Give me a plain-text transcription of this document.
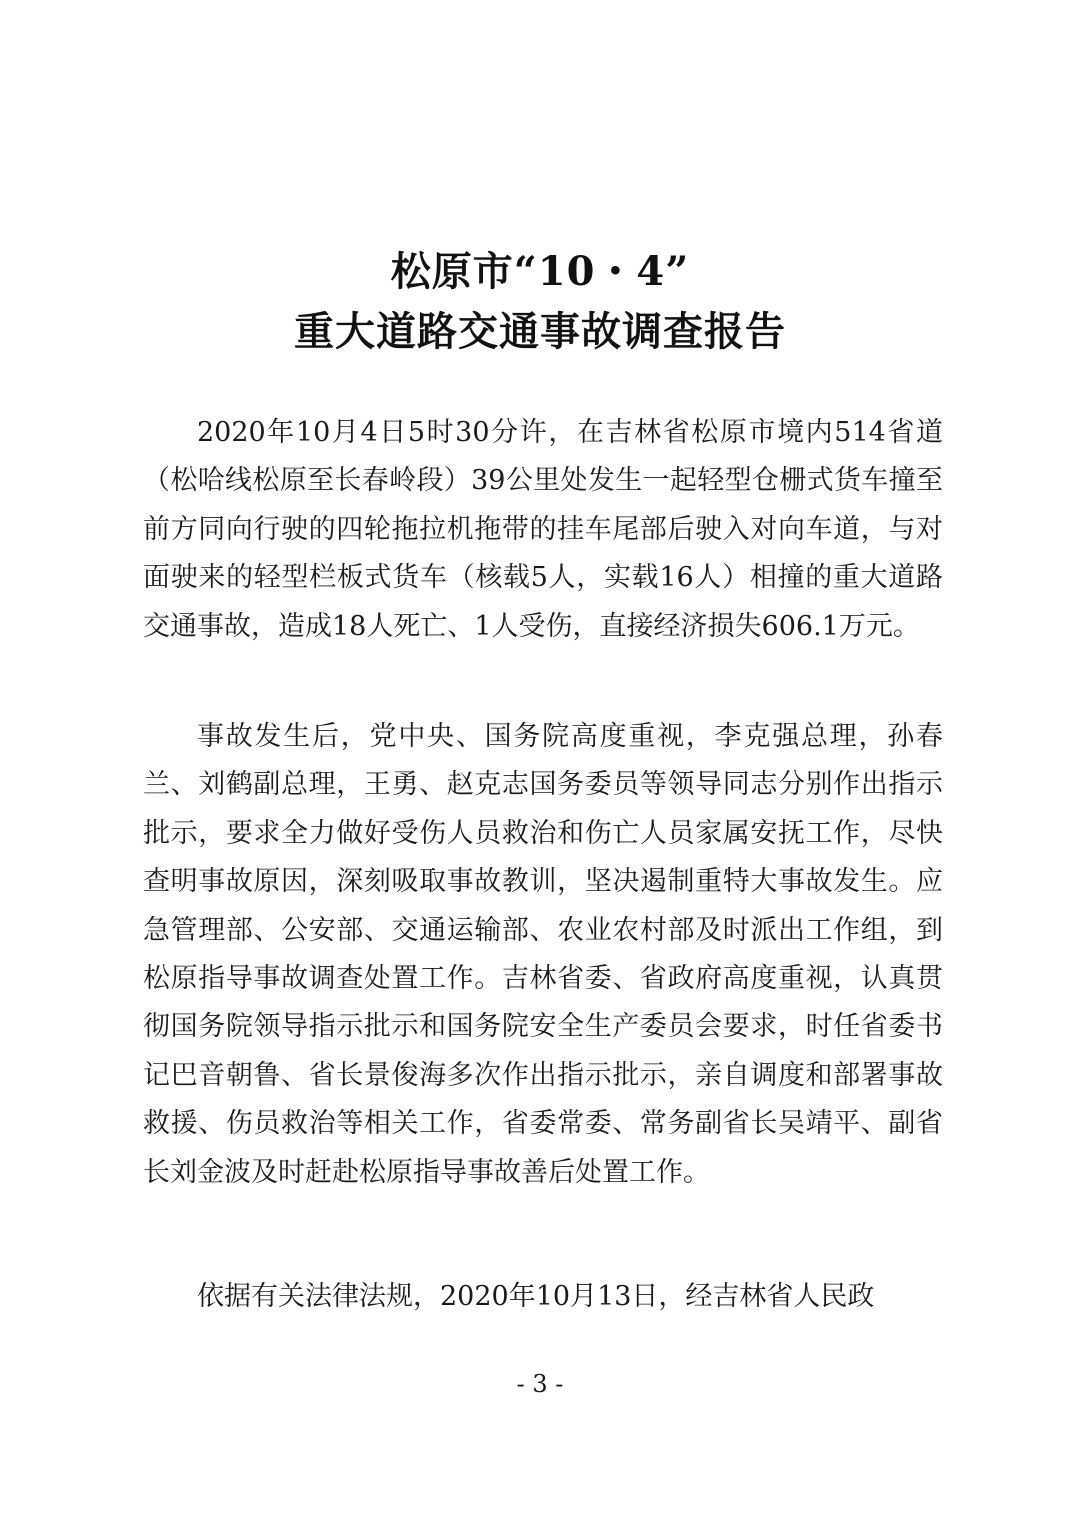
松原市“10・4”
重大道路交通事故调查报告

2020年10月4日5时30分许，在吉林省松原市境内514省道（松哈线松原至长春岭段）39公里处发生一起轻型仓栅式货车撞至前方同向行驶的四轮拖拉机拖带的挂车尾部后驶入对向车道，与对面驶来的轻型栏板式货车（核载5人，实载16人）相撞的重大道路交通事故，造成18人死亡、1人受伤，直接经济损失606.1万元。

事故发生后，党中央、国务院高度重视，李克强总理，孙春兰、刘鹤副总理，王勇、赵克志国务委员等领导同志分别作出指示批示，要求全力做好受伤人员救治和伤亡人员家属安抚工作，尽快查明事故原因，深刻吸取事故教训，坚决遏制重特大事故发生。应急管理部、公安部、交通运输部、农业农村部及时派出工作组，到松原指导事故调查处置工作。吉林省委、省政府高度重视，认真贯彻国务院领导指示批示和国务院安全生产委员会要求，时任省委书记巴音朝鲁、省长景俊海多次作出指示批示，亲自调度和部署事故救援、伤员救治等相关工作，省委常委、常务副省长吴靖平、副省长刘金波及时赶赴松原指导事故善后处置工作。

依据有关法律法规，2020年10月13日，经吉林省人民政

- 3 -
